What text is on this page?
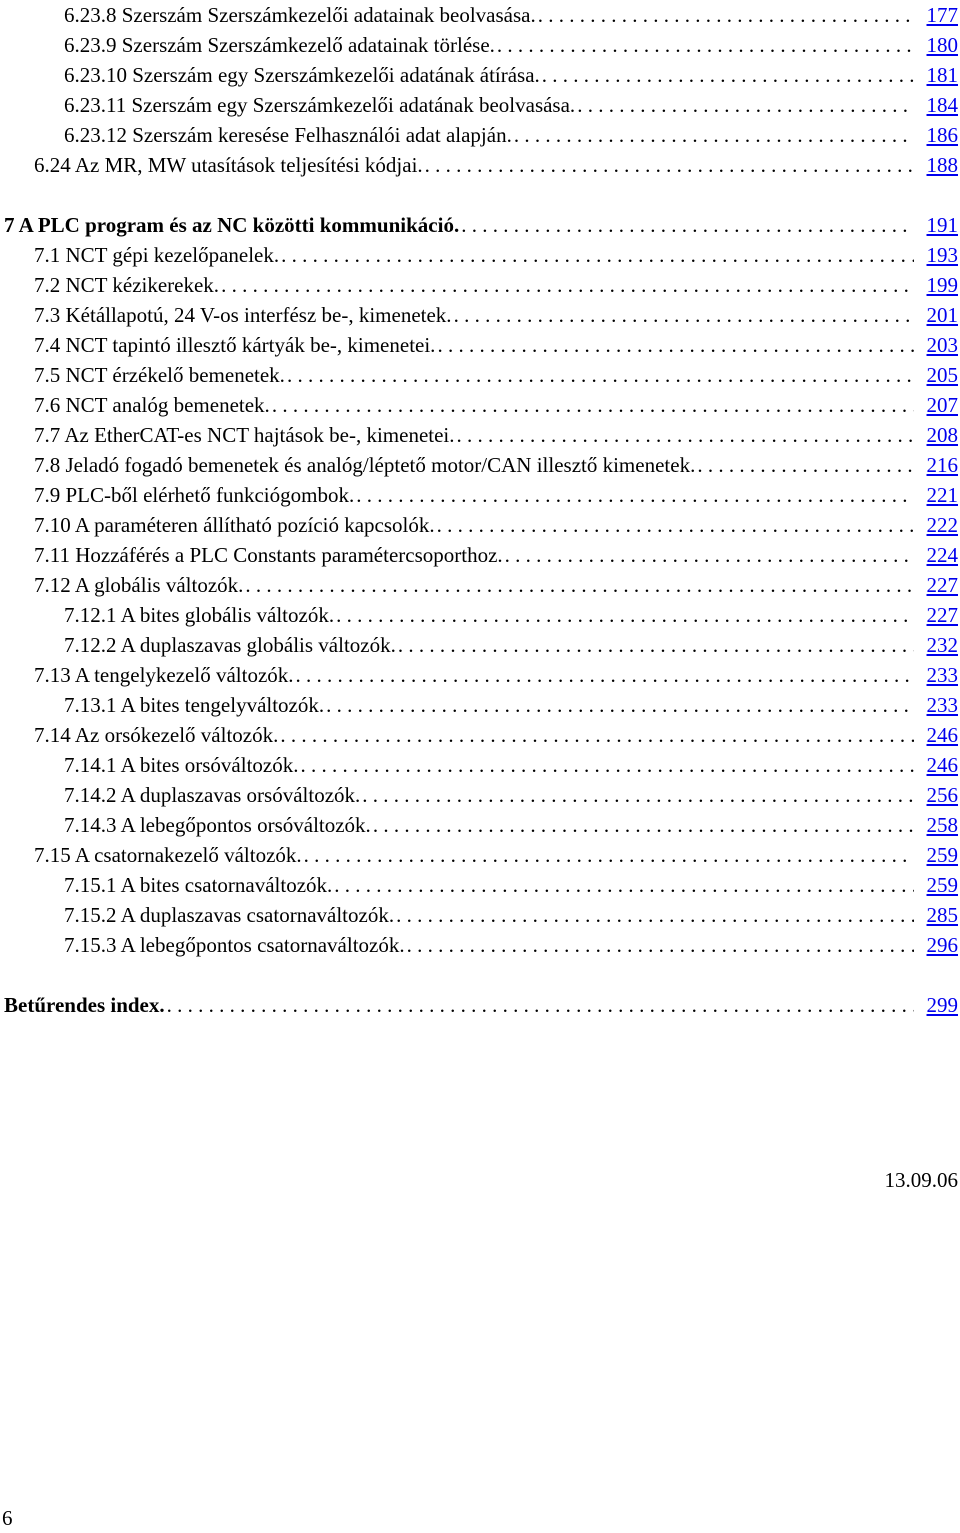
6.23.8 Szerszám Szerszámkezelői adatainak beolvasása. . . .	177
6.23.9 Szerszám Szerszámkezelő adatainak törlése. . . .	180
6.23.10 Szerszám egy Szerszámkezelői adatának átírása. . . .	181
6.23.11 Szerszám egy Szerszámkezelői adatának beolvasása. . . .	184
6.23.12 Szerszám keresése Felhasználói adat alapján. . . .	186
6.24 Az MR, MW utasítások teljesítési kódjai. . . .	188
7 A PLC program és az NC közötti kommunikáció. . . .	191
7.1 NCT gépi kezelőpanelek. . . .	193
7.2 NCT kézikerekek. . . .	199
7.3 Kétállapotú, 24 V-os interfész be-, kimenetek. . . .	201
7.4 NCT tapintó illesztő kártyák be-, kimenetei. . . .	203
7.5 NCT érzékelő bemenetek. . . .	205
7.6 NCT analóg bemenetek. . . .	207
7.7 Az EtherCAT-es NCT hajtások be-, kimenetei. . . .	208
7.8 Jeladó fogadó bemenetek és analóg/léptető motor/CAN illesztő kimenetek. . . .	216
7.9 PLC-ből elérhető funkciógombok. . . .	221
7.10 A paraméteren állítható pozíció kapcsolók. . . .	222
7.11 Hozzáférés a PLC Constants paramétercsoporthoz. . . .	224
7.12 A globális változók. . . .	227
7.12.1 A bites globális változók. . . .	227
7.12.2 A duplaszavas globális változók. . . .	232
7.13 A tengelykezelő változók. . . .	233
7.13.1 A bites tengelyváltozók. . . .	233
7.14 Az orsókezelő változók. . . .	246
7.14.1 A bites orsóváltozók. . . .	246
7.14.2 A duplaszavas orsóváltozók. . . .	256
7.14.3 A lebegőpontos orsóváltozók. . . .	258
7.15 A csatornakezelő változók. . . .	259
7.15.1 A bites csatornaváltozók. . . .	259
7.15.2 A duplaszavas csatornaváltozók. . . .	285
7.15.3 A lebegőpontos csatornaváltozók. . . .	296
Betűrendes index. . . .	299
13.09.06
6
